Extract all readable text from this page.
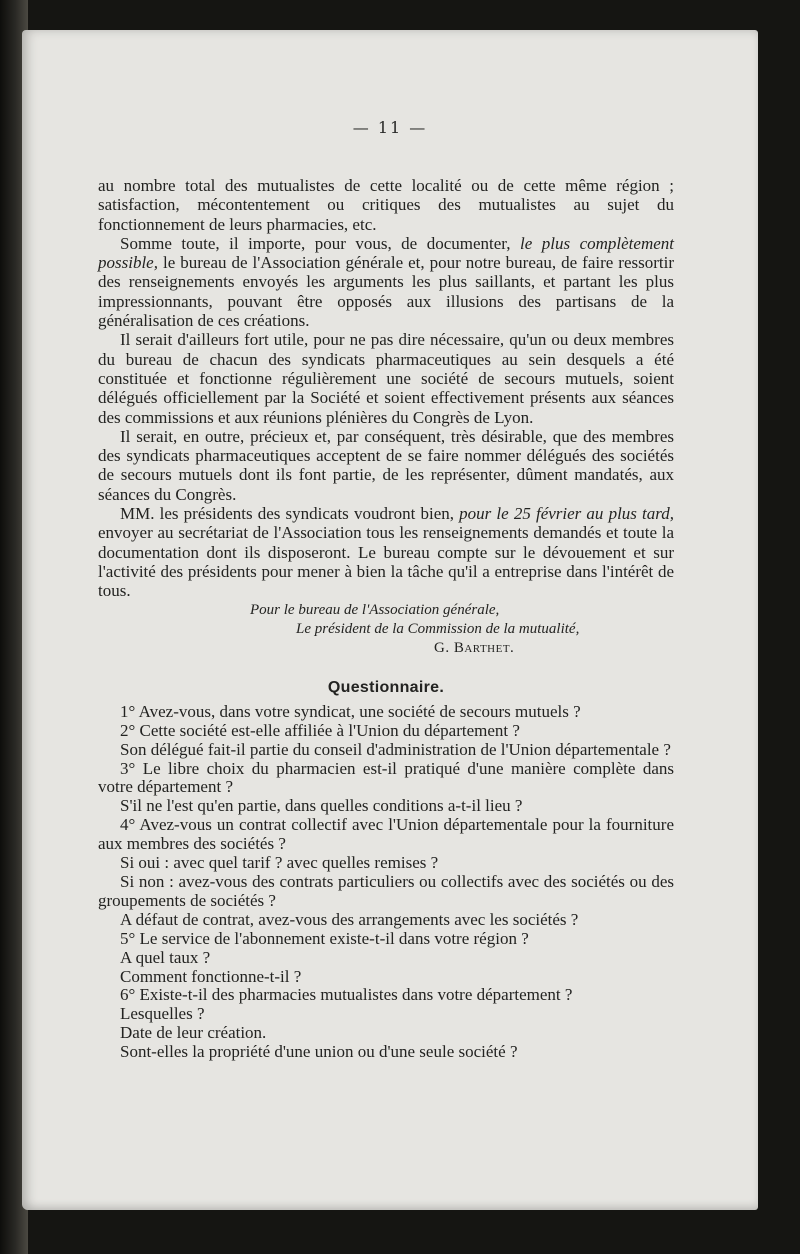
— 11 —

au nombre total des mutualistes de cette localité ou de cette même région ; satisfaction, mécontentement ou critiques des mutualistes au sujet du fonctionnement de leurs pharmacies, etc.

Somme toute, il importe, pour vous, de documenter, le plus complètement possible, le bureau de l'Association générale et, pour notre bureau, de faire ressortir des renseignements envoyés les arguments les plus saillants, et partant les plus impressionnants, pouvant être opposés aux illusions des partisans de la généralisation de ces créations.

Il serait d'ailleurs fort utile, pour ne pas dire nécessaire, qu'un ou deux membres du bureau de chacun des syndicats pharmaceutiques au sein desquels a été constituée et fonctionne régulièrement une société de secours mutuels, soient délégués officiellement par la Société et soient effectivement présents aux séances des commissions et aux réunions plénières du Congrès de Lyon.

Il serait, en outre, précieux et, par conséquent, très désirable, que des membres des syndicats pharmaceutiques acceptent de se faire nommer délégués des sociétés de secours mutuels dont ils font partie, de les représenter, dûment mandatés, aux séances du Congrès.

MM. les présidents des syndicats voudront bien, pour le 25 février au plus tard, envoyer au secrétariat de l'Association tous les renseignements demandés et toute la documentation dont ils disposeront. Le bureau compte sur le dévouement et sur l'activité des présidents pour mener à bien la tâche qu'il a entreprise dans l'intérêt de tous.

Pour le bureau de l'Association générale,

Le président de la Commission de la mutualité,

G. Barthet.

Questionnaire.

1° Avez-vous, dans votre syndicat, une société de secours mutuels ?

2° Cette société est-elle affiliée à l'Union du département ?

Son délégué fait-il partie du conseil d'administration de l'Union départementale ?

3° Le libre choix du pharmacien est-il pratiqué d'une manière complète dans votre département ?

S'il ne l'est qu'en partie, dans quelles conditions a-t-il lieu ?

4° Avez-vous un contrat collectif avec l'Union départementale pour la fourniture aux membres des sociétés ?

Si oui : avec quel tarif ? avec quelles remises ?

Si non : avez-vous des contrats particuliers ou collectifs avec des sociétés ou des groupements de sociétés ?

A défaut de contrat, avez-vous des arrangements avec les sociétés ?

5° Le service de l'abonnement existe-t-il dans votre région ?

A quel taux ?

Comment fonctionne-t-il ?

6° Existe-t-il des pharmacies mutualistes dans votre département ?

Lesquelles ?

Date de leur création.

Sont-elles la propriété d'une union ou d'une seule société ?
